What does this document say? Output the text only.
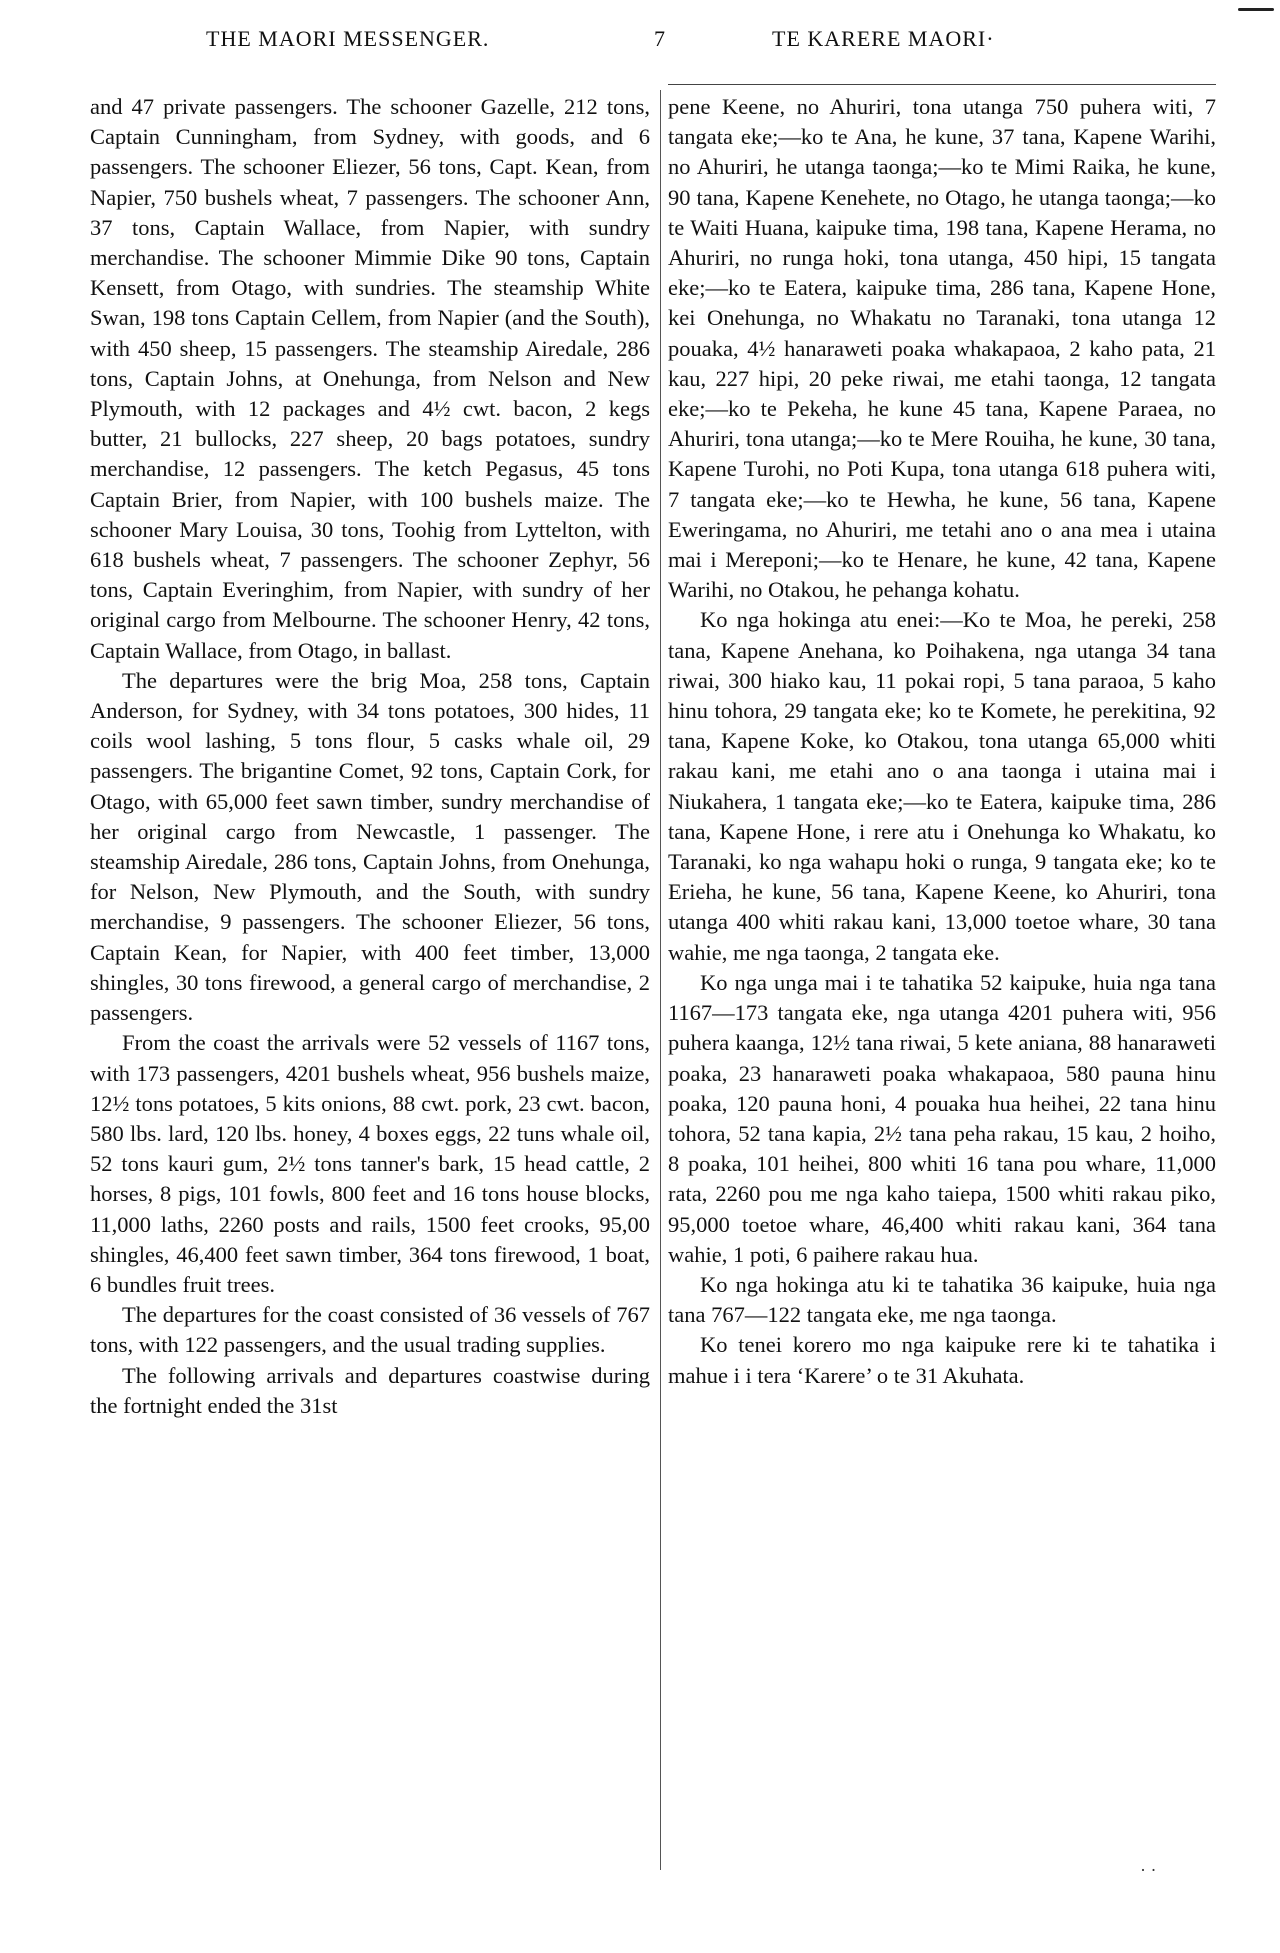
THE MAORI MESSENGER.	7	TE KARERE MAORI·

and 47 private passengers. The schooner Gazelle, 212 tons, Captain Cunningham, from Sydney, with goods, and 6 passengers. The schooner Eliezer, 56 tons, Capt. Kean, from Napier, 750 bushels wheat, 7 passengers. The schooner Ann, 37 tons, Captain Wallace, from Napier, with sundry merchandise. The schooner Mimmie Dike 90 tons, Captain Kensett, from Otago, with sundries. The steamship White Swan, 198 tons Captain Cellem, from Napier (and the South), with 450 sheep, 15 passengers. The steamship Airedale, 286 tons, Captain Johns, at Onehunga, from Nelson and New Plymouth, with 12 packages and 4½ cwt. bacon, 2 kegs butter, 21 bullocks, 227 sheep, 20 bags potatoes, sundry merchandise, 12 passengers. The ketch Pegasus, 45 tons Captain Brier, from Napier, with 100 bushels maize. The schooner Mary Louisa, 30 tons, Toohig from Lyttelton, with 618 bushels wheat, 7 passengers. The schooner Zephyr, 56 tons, Captain Everinghim, from Napier, with sundry of her original cargo from Melbourne. The schooner Henry, 42 tons, Captain Wallace, from Otago, in ballast.

The departures were the brig Moa, 258 tons, Captain Anderson, for Sydney, with 34 tons potatoes, 300 hides, 11 coils wool lashing, 5 tons flour, 5 casks whale oil, 29 passengers. The brigantine Comet, 92 tons, Captain Cork, for Otago, with 65,000 feet sawn timber, sundry merchandise of her original cargo from Newcastle, 1 passenger. The steamship Airedale, 286 tons, Captain Johns, from Onehunga, for Nelson, New Plymouth, and the South, with sundry merchandise, 9 passengers. The schooner Eliezer, 56 tons, Captain Kean, for Napier, with 400 feet timber, 13,000 shingles, 30 tons firewood, a general cargo of merchandise, 2 passengers.

From the coast the arrivals were 52 vessels of 1167 tons, with 173 passengers, 4201 bushels wheat, 956 bushels maize, 12½ tons potatoes, 5 kits onions, 88 cwt. pork, 23 cwt. bacon, 580 lbs. lard, 120 lbs. honey, 4 boxes eggs, 22 tuns whale oil, 52 tons kauri gum, 2½ tons tanner's bark, 15 head cattle, 2 horses, 8 pigs, 101 fowls, 800 feet and 16 tons house blocks, 11,000 laths, 2260 posts and rails, 1500 feet crooks, 95,00 shingles, 46,400 feet sawn timber, 364 tons firewood, 1 boat, 6 bundles fruit trees.

The departures for the coast consisted of 36 vessels of 767 tons, with 122 passengers, and the usual trading supplies.

The following arrivals and departures coastwise during the fortnight ended the 31st

pene Keene, no Ahuriri, tona utanga 750 puhera witi, 7 tangata eke;—ko te Ana, he kune, 37 tana, Kapene Warihi, no Ahuriri, he utanga taonga;—ko te Mimi Raika, he kune, 90 tana, Kapene Kenehete, no Otago, he utanga taonga;—ko te Waiti Huana, kaipuke tima, 198 tana, Kapene Herama, no Ahuriri, no runga hoki, tona utanga, 450 hipi, 15 tangata eke;—ko te Eatera, kaipuke tima, 286 tana, Kapene Hone, kei Onehunga, no Whakatu no Taranaki, tona utanga 12 pouaka, 4½ hanaraweti poaka whakapaoa, 2 kaho pata, 21 kau, 227 hipi, 20 peke riwai, me etahi taonga, 12 tangata eke;—ko te Pekeha, he kune 45 tana, Kapene Paraea, no Ahuriri, tona utanga;—ko te Mere Rouiha, he kune, 30 tana, Kapene Turohi, no Poti Kupa, tona utanga 618 puhera witi, 7 tangata eke;—ko te Hewha, he kune, 56 tana, Kapene Eweringama, no Ahuriri, me tetahi ano o ana mea i utaina mai i Mereponi;—ko te Henare, he kune, 42 tana, Kapene Warihi, no Otakou, he pehanga kohatu.

Ko nga hokinga atu enei:—Ko te Moa, he pereki, 258 tana, Kapene Anehana, ko Poihakena, nga utanga 34 tana riwai, 300 hiako kau, 11 pokai ropi, 5 tana paraoa, 5 kaho hinu tohora, 29 tangata eke; ko te Komete, he perekitina, 92 tana, Kapene Koke, ko Otakou, tona utanga 65,000 whiti rakau kani, me etahi ano o ana taonga i utaina mai i Niukahera, 1 tangata eke;—ko te Eatera, kaipuke tima, 286 tana, Kapene Hone, i rere atu i Onehunga ko Whakatu, ko Taranaki, ko nga wahapu hoki o runga, 9 tangata eke; ko te Erieha, he kune, 56 tana, Kapene Keene, ko Ahuriri, tona utanga 400 whiti rakau kani, 13,000 toetoe whare, 30 tana wahie, me nga taonga, 2 tangata eke.

Ko nga unga mai i te tahatika 52 kaipuke, huia nga tana 1167—173 tangata eke, nga utanga 4201 puhera witi, 956 puhera kaanga, 12½ tana riwai, 5 kete aniana, 88 hanaraweti poaka, 23 hanaraweti poaka whakapaoa, 580 pauna hinu poaka, 120 pauna honi, 4 pouaka hua heihei, 22 tana hinu tohora, 52 tana kapia, 2½ tana peha rakau, 15 kau, 2 hoiho, 8 poaka, 101 heihei, 800 whiti 16 tana pou whare, 11,000 rata, 2260 pou me nga kaho taiepa, 1500 whiti rakau piko, 95,000 toetoe whare, 46,400 whiti rakau kani, 364 tana wahie, 1 poti, 6 paihere rakau hua.

Ko nga hokinga atu ki te tahatika 36 kaipuke, huia nga tana 767—122 tangata eke, me nga taonga.

Ko tenei korero mo nga kaipuke rere ki te tahatika i mahue i i tera ‘Karere’ o te 31 Akuhata.

· ·
